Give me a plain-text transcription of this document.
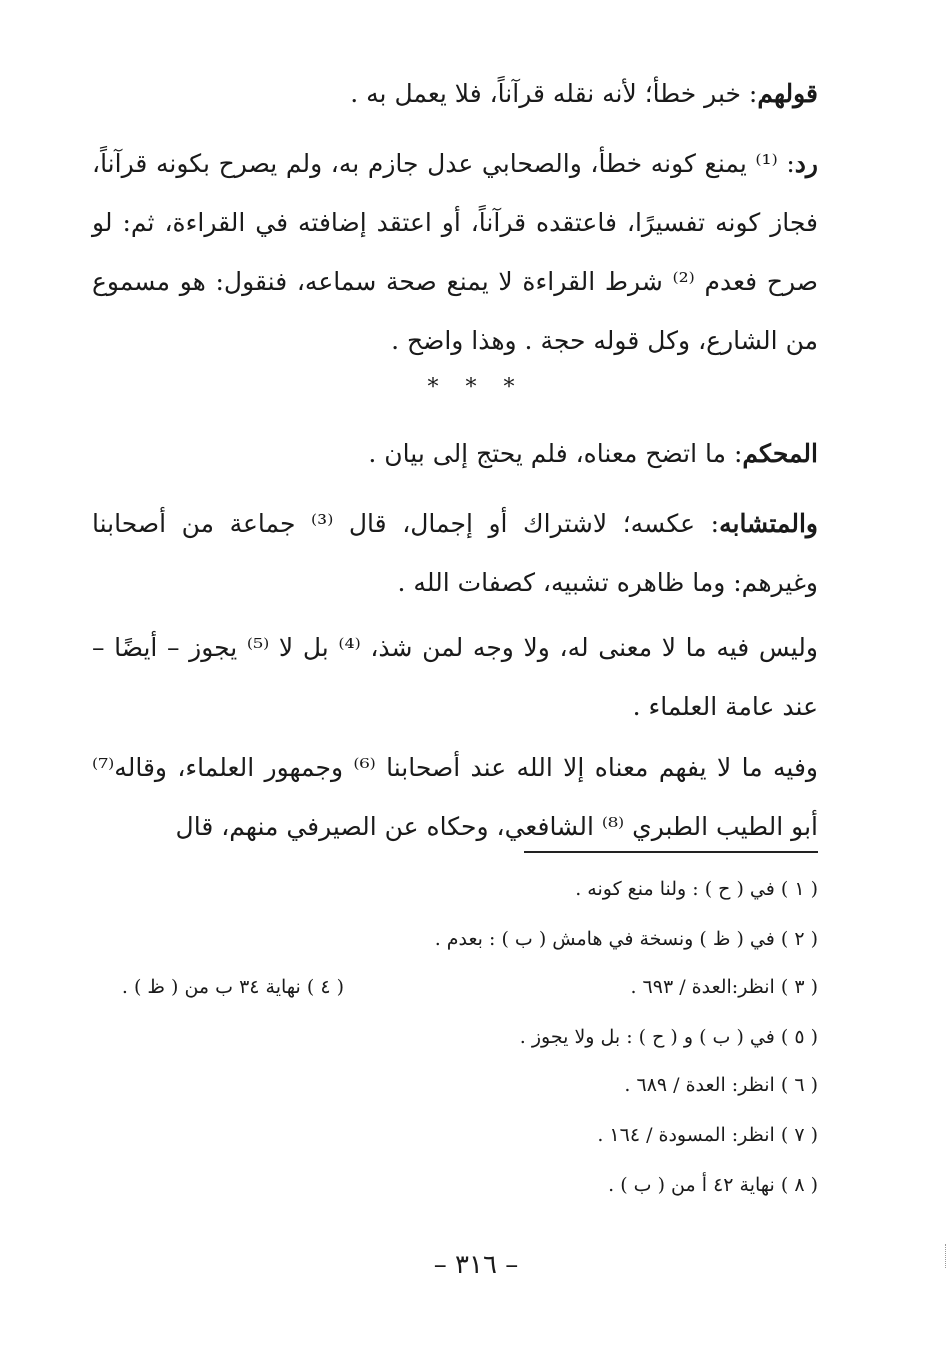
قولهم: خبر خطأ؛ لأنه نقله قرآناً، فلا يعمل به .

رد: ⁽¹⁾ يمنع كونه خطأ، والصحابي عدل جازم به، ولم يصرح بكونه قرآناً، فجاز كونه تفسيرًا، فاعتقده قرآناً، أو اعتقد إضافته في القراءة، ثم: لو صرح فعدم ⁽²⁾ شرط القراءة لا يمنع صحة سماعه، فنقول: هو مسموع من الشارع، وكل قوله حجة . وهذا واضح .

* * *

المحكم: ما اتضح معناه، فلم يحتج إلى بيان .

والمتشابه: عكسه؛ لاشتراك أو إجمال، قال ⁽³⁾ جماعة من أصحابنا وغيرهم: وما ظاهره تشبيه، كصفات الله .

وليس فيه ما لا معنى له، ولا وجه لمن شذ، ⁽⁴⁾ بل لا ⁽⁵⁾ يجوز – أيضًا – عند عامة العلماء .

وفيه ما لا يفهم معناه إلا الله عند أصحابنا ⁽⁶⁾ وجمهور العلماء، وقاله⁽⁷⁾ أبو الطيب الطبري ⁽⁸⁾ الشافعي، وحكاه عن الصيرفي منهم، قال

( ١ ) في ( ح ) : ولنا منع كونه .

( ٢ ) في ( ظ ) ونسخة في هامش ( ب ) : بعدم .

( ٣ ) انظر:العدة / ٦٩٣ .

( ٤ ) نهاية ٣٤ ب من ( ظ ) .

( ٥ ) في ( ب ) و ( ح ) : بل ولا يجوز .

( ٦ ) انظر: العدة / ٦٨٩ .

( ٧ ) انظر: المسودة / ١٦٤ .

( ٨ ) نهاية ٤٢ أ من ( ب ) .

– ٣١٦ –
